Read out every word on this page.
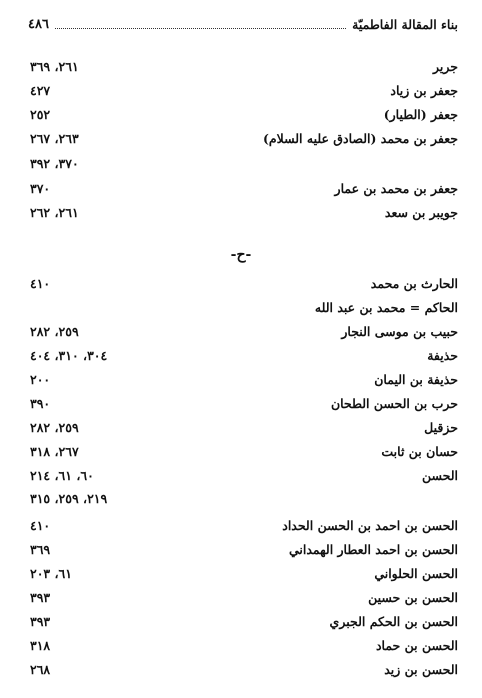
بناء المقالة الفاطميّة
٤٨٦
جرير
٢٦١، ٣٦٩
جعفر بن زياد
٤٢٧
جعفر (الطيار)
٢٥٢
جعفر بن محمد (الصادق عليه السلام)
٢٦٣، ٢٦٧
٣٧٠، ٣٩٢
جعفر بن محمد بن عمار
٣٧٠
جويبر بن سعد
٢٦١، ٢٦٢
-ح-
الحارث بن محمد
٤١٠
الحاكم = محمد بن عبد الله
حبيب بن موسى النجار
٢٥٩، ٢٨٢
حذيفة
٣٠٤، ٣١٠، ٤٠٤
حذيفة بن اليمان
٢٠٠
حرب بن الحسن الطحان
٣٩٠
حزقيل
٢٥٩، ٢٨٢
حسان بن ثابت
٢٦٧، ٣١٨
الحسن
٦٠، ٦١، ٢١٤
٢١٩، ٢٥٩، ٣١٥
الحسن بن احمد بن الحسن الحداد
٤١٠
الحسن بن احمد العطار الهمداني
٣٦٩
الحسن الحلواني
٦١، ٢٠٣
الحسن بن حسين
٣٩٣
الحسن بن الحكم الجبري
٣٩٣
الحسن بن حماد
٣١٨
الحسن بن زيد
٢٦٨
